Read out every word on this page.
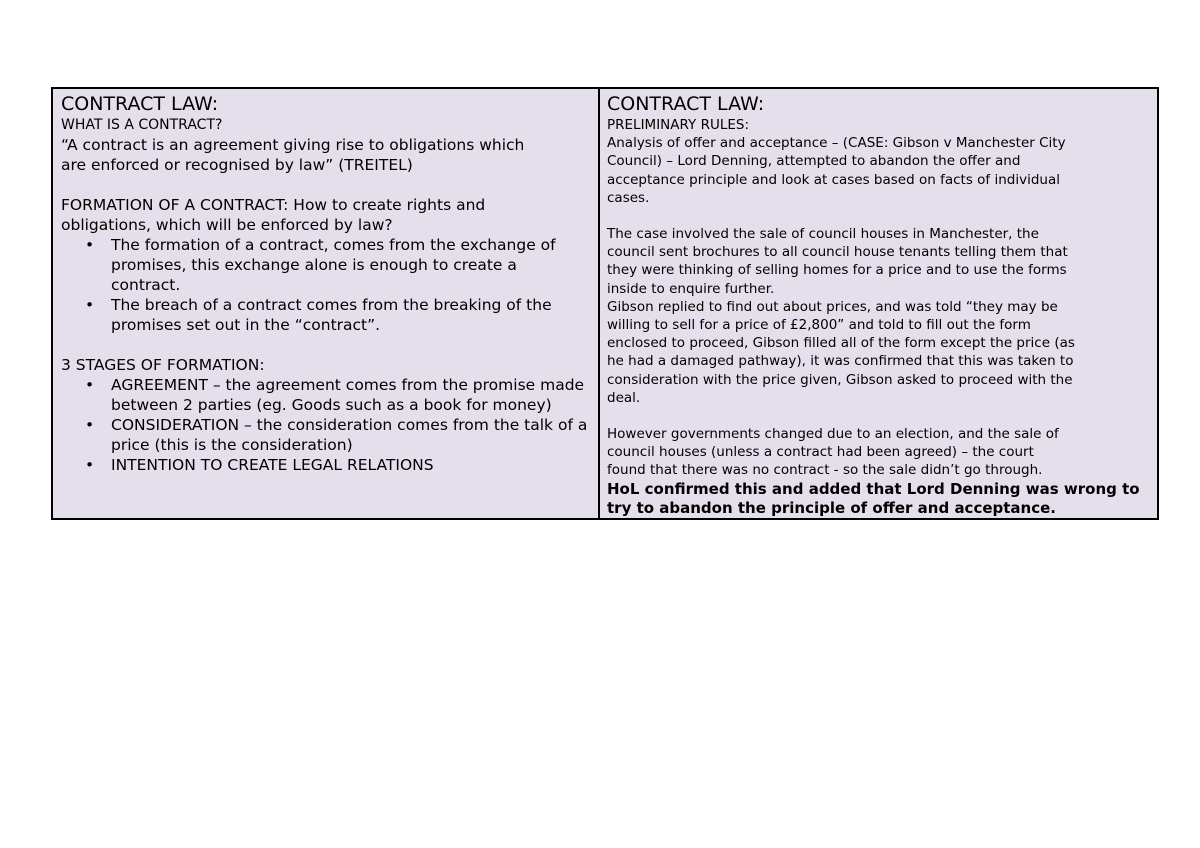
CONTRACT LAW:

WHAT IS A CONTRACT?

“A contract is an agreement giving rise to obligations which

are enforced or recognised by law” (TREITEL)

FORMATION OF A CONTRACT: How to create rights and

obligations, which will be enforced by law?

• The formation of a contract, comes from the exchange of promises, this exchange alone is enough to create a contract.
• The breach of a contract comes from the breaking of the promises set out in the “contract”.

3 STAGES OF FORMATION:

• AGREEMENT – the agreement comes from the promise made between 2 parties (eg. Goods such as a book for money)
• CONSIDERATION – the consideration comes from the talk of a price (this is the consideration)
• INTENTION TO CREATE LEGAL RELATIONS

CONTRACT LAW:

PRELIMINARY RULES:

Analysis of offer and acceptance – (CASE: Gibson v Manchester City

Council) – Lord Denning, attempted to abandon the offer and

acceptance principle and look at cases based on facts of individual

cases.

The case involved the sale of council houses in Manchester, the

council sent brochures to all council house tenants telling them that

they were thinking of selling homes for a price and to use the forms

inside to enquire further.

Gibson replied to find out about prices, and was told “they may be

willing to sell for a price of £2,800” and told to fill out the form

enclosed to proceed, Gibson filled all of the form except the price (as

he had a damaged pathway), it was confirmed that this was taken to

consideration with the price given, Gibson asked to proceed with the

deal.

However governments changed due to an election, and the sale of

council houses (unless a contract had been agreed) – the court

found that there was no contract - so the sale didn’t go through.

HoL confirmed this and added that Lord Denning was wrong to

try to abandon the principle of offer and acceptance.
